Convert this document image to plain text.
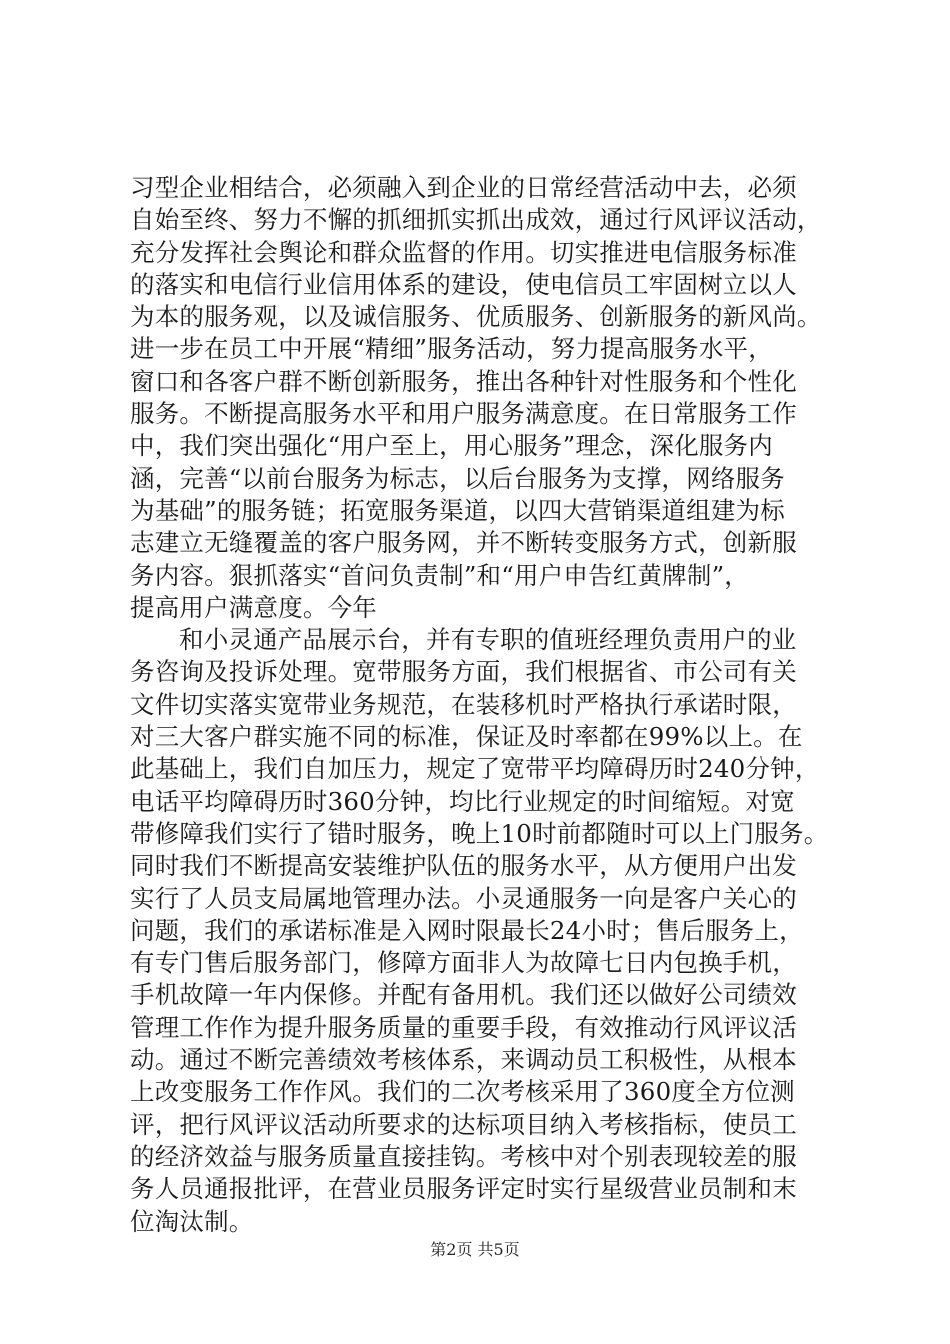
习型企业相结合，必须融入到企业的日常经营活动中去，必须
自始至终、努力不懈的抓细抓实抓出成效，通过行风评议活动，
充分发挥社会舆论和群众监督的作用。切实推进电信服务标准
的落实和电信行业信用体系的建设，使电信员工牢固树立以人
为本的服务观，以及诚信服务、优质服务、创新服务的新风尚。
进一步在员工中开展“精细”服务活动，努力提高服务水平，
窗口和各客户群不断创新服务，推出各种针对性服务和个性化
服务。不断提高服务水平和用户服务满意度。在日常服务工作
中，我们突出强化“用户至上，用心服务”理念，深化服务内
涵，完善“以前台服务为标志，以后台服务为支撑，网络服务
为基础”的服务链；拓宽服务渠道，以四大营销渠道组建为标
志建立无缝覆盖的客户服务网，并不断转变服务方式，创新服
务内容。狠抓落实“首问负责制”和“用户申告红黄牌制”，
提高用户满意度。今年
和小灵通产品展示台，并有专职的值班经理负责用户的业
务咨询及投诉处理。宽带服务方面，我们根据省、市公司有关
文件切实落实宽带业务规范，在装移机时严格执行承诺时限，
对三大客户群实施不同的标准，保证及时率都在99%以上。在
此基础上，我们自加压力，规定了宽带平均障碍历时240分钟，
电话平均障碍历时360分钟，均比行业规定的时间缩短。对宽
带修障我们实行了错时服务，晚上10时前都随时可以上门服务。
同时我们不断提高安装维护队伍的服务水平，从方便用户出发
实行了人员支局属地管理办法。小灵通服务一向是客户关心的
问题，我们的承诺标准是入网时限最长24小时；售后服务上，
有专门售后服务部门，修障方面非人为故障七日内包换手机，
手机故障一年内保修。并配有备用机。我们还以做好公司绩效
管理工作作为提升服务质量的重要手段，有效推动行风评议活
动。通过不断完善绩效考核体系，来调动员工积极性，从根本
上改变服务工作作风。我们的二次考核采用了360度全方位测
评，把行风评议活动所要求的达标项目纳入考核指标，使员工
的经济效益与服务质量直接挂钩。考核中对个别表现较差的服
务人员通报批评，在营业员服务评定时实行星级营业员制和末
位淘汰制。
第2页 共5页
